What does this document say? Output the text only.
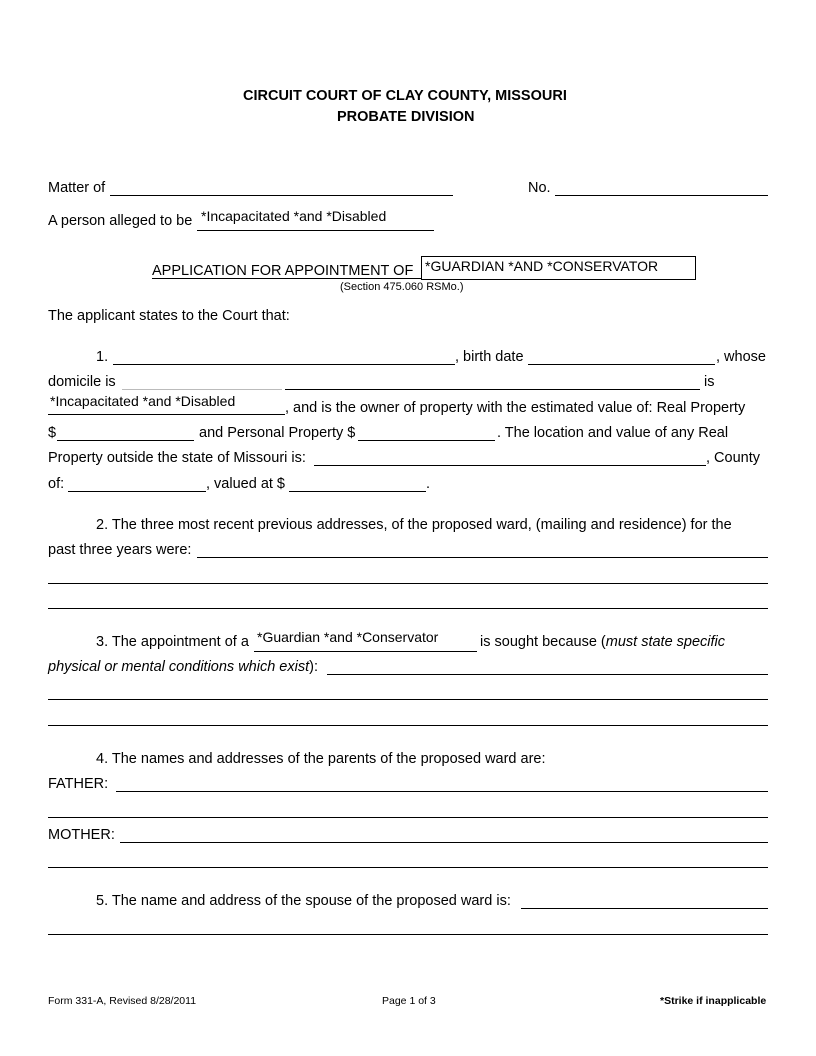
CIRCUIT COURT OF CLAY COUNTY, MISSOURI
PROBATE DIVISION
Matter of	No.
A person alleged to be *Incapacitated *and *Disabled
APPLICATION FOR APPOINTMENT OF *GUARDIAN *AND *CONSERVATOR
(Section 475.060 RSMo.)
The applicant states to the Court that:
1.	, birth date	, whose
domicile is	is
*Incapacitated *and *Disabled	, and is the owner of property with the estimated value of: Real Property
$	and Personal Property $	. The location and value of any Real
Property outside the state of Missouri is:	, County
of:	, valued at $	.
2. The three most recent previous addresses, of the proposed ward, (mailing and residence) for the
past three years were:
3. The appointment of a *Guardian *and *Conservator	is sought because (must state specific
physical or mental conditions which exist):
4. The names and addresses of the parents of the proposed ward are:
FATHER:
MOTHER:
5. The name and address of the spouse of the proposed ward is:
Form 331-A, Revised 8/28/2011	Page 1 of 3	*Strike if inapplicable
